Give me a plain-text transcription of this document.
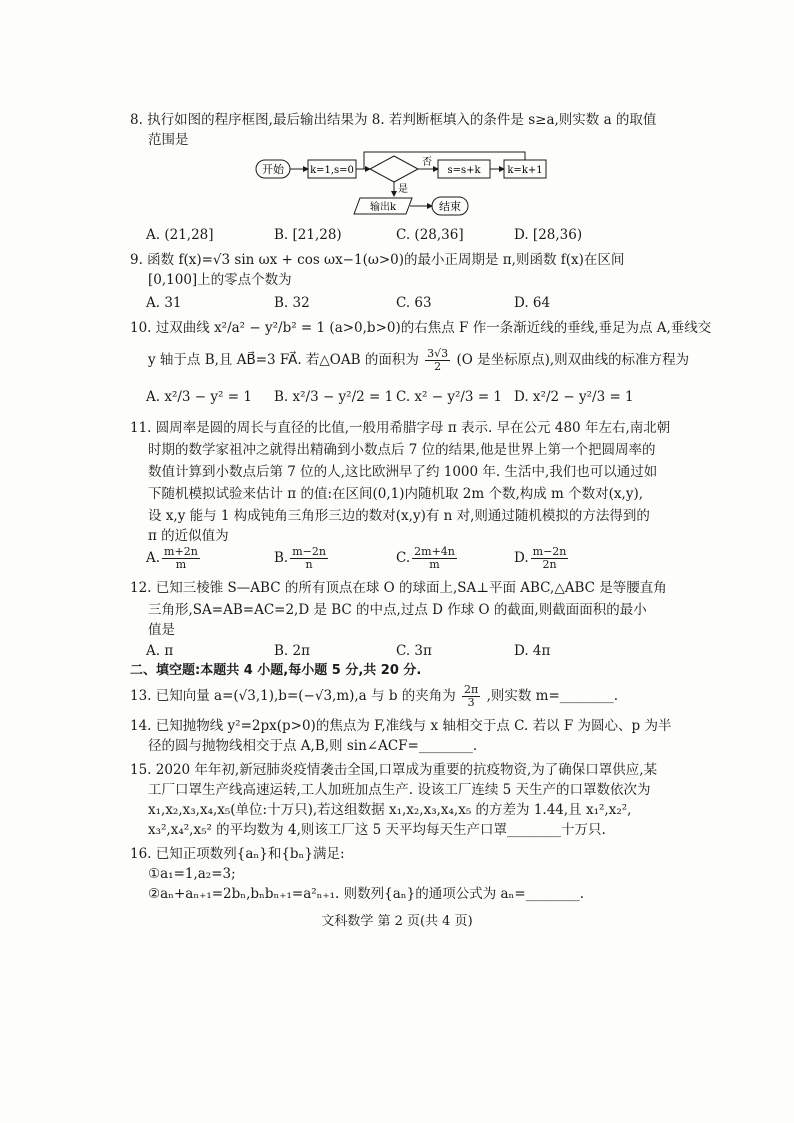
8. 执行如图的程序框图,最后输出结果为 8. 若判断框填入的条件是 s≥a,则实数 a 的取值
范围是
开始	k=1,s=0
否
s=s+k	k=k+1
是
输出k	结束
A. (21,28]	B. [21,28)	C. (28,36]	D. [28,36)
9. 函数 f(x)=√3 sin ωx + cos ωx−1(ω>0)的最小正周期是 π,则函数 f(x)在区间
[0,100]上的零点个数为
A. 31	B. 32	C. 63	D. 64
10. 过双曲线 x²/a² − y²/b² = 1 (a>0,b>0)的右焦点 F 作一条渐近线的垂线,垂足为点 A,垂线交
y 轴于点 B,且 AB⃗=3 FA⃗. 若△OAB 的面积为 $\frac{3√3}{2} (O$ 是坐标原点),则双曲线的标准方程为
A. x²/3 − y² = 1 B. x²/3 − y²/2 = 1 C. x² − y²/3 = 1 D. x²/2 − y²/3 = 1
11. 圆周率是圆的周长与直径的比值,一般用希腊字母 π 表示. 早在公元 480 年左右,南北朝
时期的数学家祖冲之就得出精确到小数点后 7 位的结果,他是世界上第一个把圆周率的
数值计算到小数点后第 7 位的人,这比欧洲早了约 1000 年. 生活中,我们也可以通过如
下随机模拟试验来估计 π 的值:在区间(0,1)内随机取 2m 个数,构成 m 个数对(x,y),
设 x,y 能与 1 构成钝角三角形三边的数对(x,y)有 n 对,则通过随机模拟的方法得到的
π 的近似值为
A. $\frac{m+2n}{m}$	B. $\frac{m-2n}{n}$	C. $\frac{2m+4n}{m}$	D. $\frac{m-2n}{2n}$
12. 已知三棱锥 S—ABC 的所有顶点在球 O 的球面上,SA⊥平面 ABC,△ABC 是等腰直角
三角形,SA=AB=AC=2,D 是 BC 的中点,过点 D 作球 O 的截面,则截面面积的最小
值是
A. π	B. 2π	C. 3π	D. 4π
二、填空题:本题共 4 小题,每小题 5 分,共 20 分.
13. 已知向量 a=(√3,1),b=(−√3,m),a 与 b 的夹角为 $\frac{2\pi}{3}$ ,则实数 m=________.
14. 已知抛物线 y²=2px(p>0)的焦点为 F,准线与 x 轴相交于点 C. 若以 F 为圆心、p 为半
径的圆与抛物线相交于点 A,B,则 sin∠ACF=________.
15. 2020 年年初,新冠肺炎疫情袭击全国,口罩成为重要的抗疫物资,为了确保口罩供应,某
工厂口罩生产线高速运转,工人加班加点生产. 设该工厂连续 5 天生产的口罩数依次为
x₁,x₂,x₃,x₄,x₅(单位:十万只),若这组数据 x₁,x₂,x₃,x₄,x₅ 的方差为 1.44,且 x₁²,x₂²,
x₃²,x₄²,x₅² 的平均数为 4,则该工厂这 5 天平均每天生产口罩________十万只.
16. 已知正项数列{aₙ}和{bₙ}满足:
①a₁=1,a₂=3;
②aₙ+aₙ₊₁=2bₙ,bₙbₙ₊₁=a²ₙ₊₁. 则数列{aₙ}的通项公式为 aₙ=________.
文科数学 第 2 页(共 4 页)
